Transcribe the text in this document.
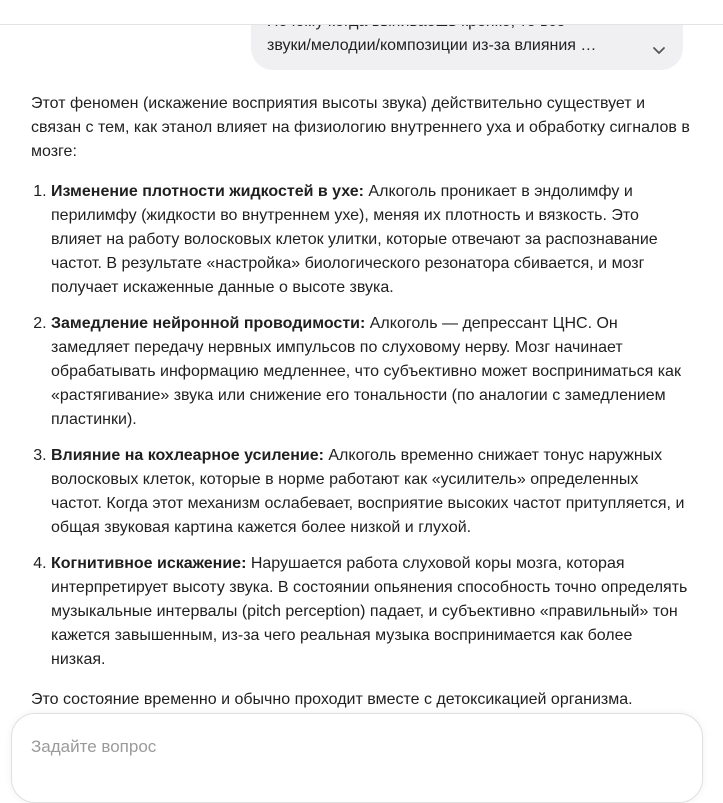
звуки/мелодии/композиции из-за влияния …

Этот феномен (искажение восприятия высоты звука) действительно существует и связан с тем, как этанол влияет на физиологию внутреннего уха и обработку сигналов в мозге:

1. Изменение плотности жидкостей в ухе: Алкоголь проникает в эндолимфу и перилимфу (жидкости во внутреннем ухе), меняя их плотность и вязкость. Это влияет на работу волосковых клеток улитки, которые отвечают за распознавание частот. В результате «настройка» биологического резонатора сбивается, и мозг получает искаженные данные о высоте звука.
2. Замедление нейронной проводимости: Алкоголь — депрессант ЦНС. Он замедляет передачу нервных импульсов по слуховому нерву. Мозг начинает обрабатывать информацию медленнее, что субъективно может восприниматься как «растягивание» звука или снижение его тональности (по аналогии с замедлением пластинки).
3. Влияние на кохлеарное усиление: Алкоголь временно снижает тонус наружных волосковых клеток, которые в норме работают как «усилитель» определенных частот. Когда этот механизм ослабевает, восприятие высоких частот притупляется, и общая звуковая картина кажется более низкой и глухой.
4. Когнитивное искажение: Нарушается работа слуховой коры мозга, которая интерпретирует высоту звука. В состоянии опьянения способность точно определять музыкальные интервалы (pitch perception) падает, и субъективно «правильный» тон кажется завышенным, из-за чего реальная музыка воспринимается как более низкая.

Это состояние временно и обычно проходит вместе с детоксикацией организма.

Задайте вопрос
